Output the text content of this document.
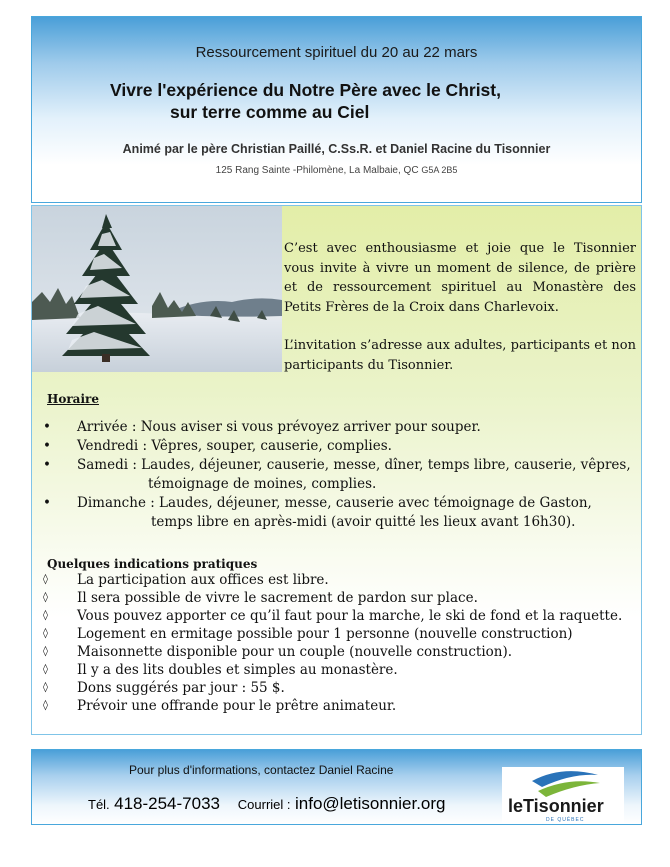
Ressourcement spirituel du 20 au 22 mars
Vivre l'expérience du Notre Père avec le Christ,
sur terre comme au Ciel
Animé par le père Christian Paillé, C.Ss.R. et Daniel Racine du Tisonnier
125 Rang Sainte -Philomène, La Malbaie, QC G5A 2B5

C’est avec enthousiasme et joie que le Tisonnier vous invite à vivre un moment de silence, de prière et de ressourcement spirituel au Monastère des Petits Frères de la Croix dans Charlevoix.

L’invitation s’adresse aux adultes, participants et non participants du Tisonnier.

Horaire
•	Arrivée : Nous aviser si vous prévoyez arriver pour souper.
•	Vendredi : Vêpres, souper, causerie, complies.
•	Samedi : Laudes, déjeuner, causerie, messe, dîner, temps libre, causerie, vêpres,
témoignage de moines, complies.
•	Dimanche : Laudes, déjeuner, messe, causerie avec témoignage de Gaston,
temps libre en après-midi (avoir quitté les lieux avant 16h30).
Quelques indications pratiques
◊	La participation aux offices est libre.
◊	Il sera possible de vivre le sacrement de pardon sur place.
◊	Vous pouvez apporter ce qu’il faut pour la marche, le ski de fond et la raquette.
◊	Logement en ermitage possible pour 1 personne (nouvelle construction)
◊	Maisonnette disponible pour un couple (nouvelle construction).
◊	Il y a des lits doubles et simples au monastère.
◊	Dons suggérés par jour : 55 $.
◊	Prévoir une offrande pour le prêtre animateur.
Pour plus d'informations, contactez Daniel Racine
Tél. 418-254-7033 Courriel : info@letisonnier.org	leTisonnier
DE QUÉBEC
